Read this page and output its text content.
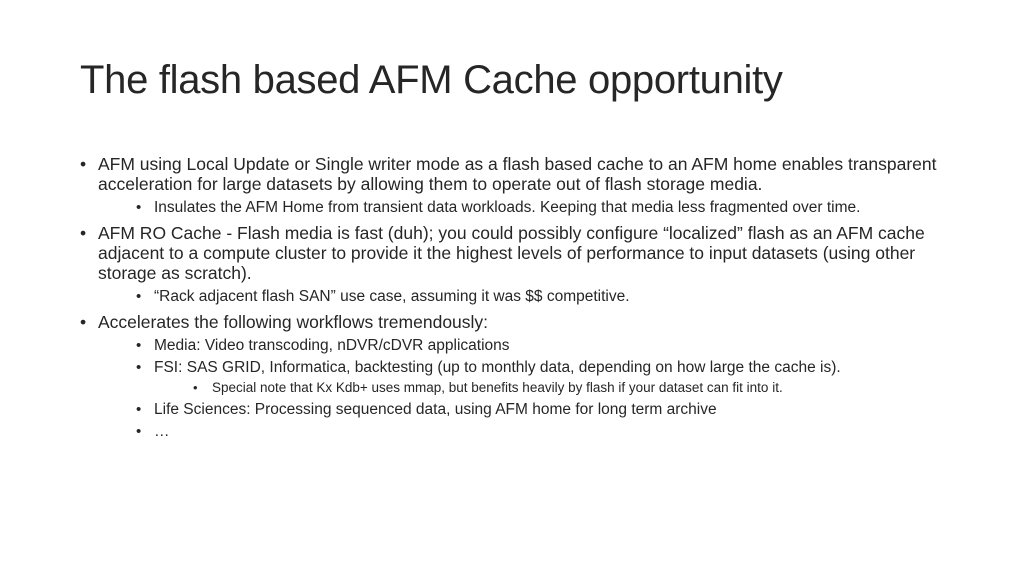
The flash based AFM Cache opportunity
• AFM using Local Update or Single writer mode as a flash based cache to an AFM home enables transparent acceleration for large datasets by allowing them to operate out of flash storage media.
• Insulates the AFM Home from transient data workloads. Keeping that media less fragmented over time.
• AFM RO Cache - Flash media is fast (duh); you could possibly configure “localized” flash as an AFM cache adjacent to a compute cluster to provide it the highest levels of performance to input datasets (using other storage as scratch).
• “Rack adjacent flash SAN” use case, assuming it was $$ competitive.
• Accelerates the following workflows tremendously:
• Media: Video transcoding, nDVR/cDVR applications
• FSI: SAS GRID, Informatica, backtesting (up to monthly data, depending on how large the cache is).
• Special note that Kx Kdb+ uses mmap, but benefits heavily by flash if your dataset can fit into it.
• Life Sciences: Processing sequenced data, using AFM home for long term archive
• …
